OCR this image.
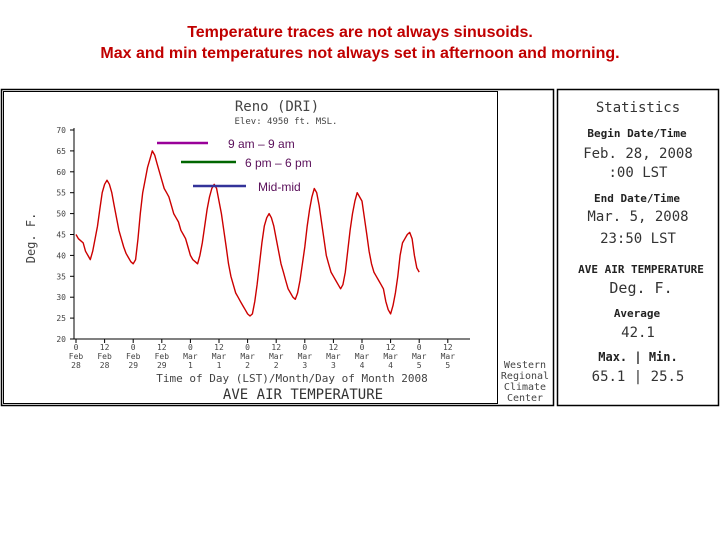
Temperature traces are not always sinusoids.
Max and min temperatures not always set in afternoon and morning.
Reno (DRI)
Elev: 4950 ft. MSL.
Deg. F.
20
25
30
35
40
45
50
55
60
65
70
0
Feb
28
12
Feb
28
0
Feb
29
12
Feb
29
0
Mar
1
12
Mar
1
0
Mar
2
12
Mar
2
0
Mar
3
12
Mar
3
0
Mar
4
12
Mar
4
0
Mar
5
12
Mar
5
9 am – 9 am
6 pm – 6 pm
Mid-mid
Time of Day (LST)/Month/Day of Month 2008
AVE AIR TEMPERATURE
Western
Regional
Climate
Center
Statistics
Begin Date/Time
Feb. 28, 2008
:00 LST
End Date/Time
Mar. 5, 2008
23:50 LST
AVE AIR TEMPERATURE
Deg. F.
Average
42.1
Max. | Min.
65.1 | 25.5
